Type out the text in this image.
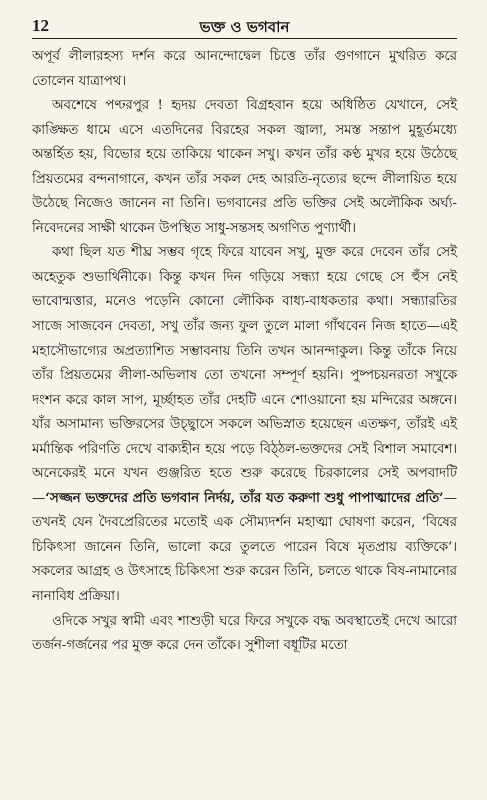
12	ভক্ত ও ভগবান

অপূর্ব লীলারহস্য দর্শন করে আনন্দোদ্বেল চিত্তে তাঁর গুণগানে মুখরিত করে তোলেন যাত্রাপথ।

অবশেষে পণ্ঢরপুর ! হৃদয় দেবতা বিগ্রহবান হয়ে অধিষ্ঠিত যেখানে, সেই কাঙ্ক্ষিত ধামে এসে এতদিনের বিরহের সকল জ্বালা, সমস্ত সন্তাপ মুহূর্তমধ্যে অন্তর্হিত হয়, বিভোর হয়ে তাকিয়ে থাকেন সখু। কখন তাঁর কণ্ঠ মুখর হয়ে উঠেছে প্রিয়তমের বন্দনাগানে, কখন তাঁর সকল দেহ আরতি-নৃত্যের ছন্দে লীলায়িত হয়ে উঠেছে নিজেও জানেন না তিনি। ভগবানের প্রতি ভক্তির সেই অলৌকিক অর্ঘ্য-নিবেদনের সাক্ষী থাকেন উপস্থিত সাধু-সন্তসহ অগণিত পুণ্যার্থী।

কথা ছিল যত শীঘ্র সম্ভব গৃহে ফিরে যাবেন সখু, মুক্ত করে দেবেন তাঁর সেই অহেতুক শুভার্থিনীকে। কিন্তু কখন দিন গড়িয়ে সন্ধ্যা হয়ে গেছে সে হুঁস নেই ভাবোন্মত্তার, মনেও পড়েনি কোনো লৌকিক বাধ্য-বাধকতার কথা। সন্ধ্যারতির সাজে সাজবেন দেবতা, সখু তাঁর জন্য ফুল তুলে মালা গাঁথবেন নিজ হাতে—এই মহাসৌভাগ্যের অপ্রত্যাশিত সম্ভাবনায় তিনি তখন আনন্দাকুল। কিন্তু তাঁকে নিয়ে তাঁর প্রিয়তমের লীলা-অভিলাষ তো তখনো সম্পূর্ণ হয়নি। পুষ্পচয়নরতা সখুকে দংশন করে কাল সাপ, মূর্চ্ছাহত তাঁর দেহটি এনে শোওয়ানো হয় মন্দিরের অঙ্গনে। যাঁর অসামান্য ভক্তিরসের উচ্ছ্বাসে সকলে অভিস্নাত হয়েছেন এতক্ষণ, তাঁরই এই মর্মান্তিক পরিণতি দেখে বাক্যহীন হয়ে পড়ে বিঠ্‌ঠল-ভক্তদের সেই বিশাল সমাবেশ। অনেকেরই মনে যখন গুঞ্জরিত হতে শুরু করেছে চিরকালের সেই অপবাদটি—‘সজ্জন ভক্তদের প্রতি ভগবান নির্দয়, তাঁর যত করুণা শুধু পাপাত্মাদের প্রতি’—তখনই যেন দৈবপ্রেরিতের মতোই এক সৌম্যদর্শন মহাত্মা ঘোষণা করেন, ‘বিষের চিকিৎসা জানেন তিনি, ভালো করে তুলতে পারেন বিষে মৃতপ্রায় ব্যক্তিকে’। সকলের আগ্রহ ও উৎসাহে চিকিৎসা শুরু করেন তিনি, চলতে থাকে বিষ-নামানোর নানাবিধ প্রক্রিয়া।

ওদিকে সখুর স্বামী এবং শাশুড়ী ঘরে ফিরে সখুকে বদ্ধ অবস্থাতেই দেখে আরো তর্জন-গর্জনের পর মুক্ত করে দেন তাঁকে। সুশীলা বধূটির মতো
